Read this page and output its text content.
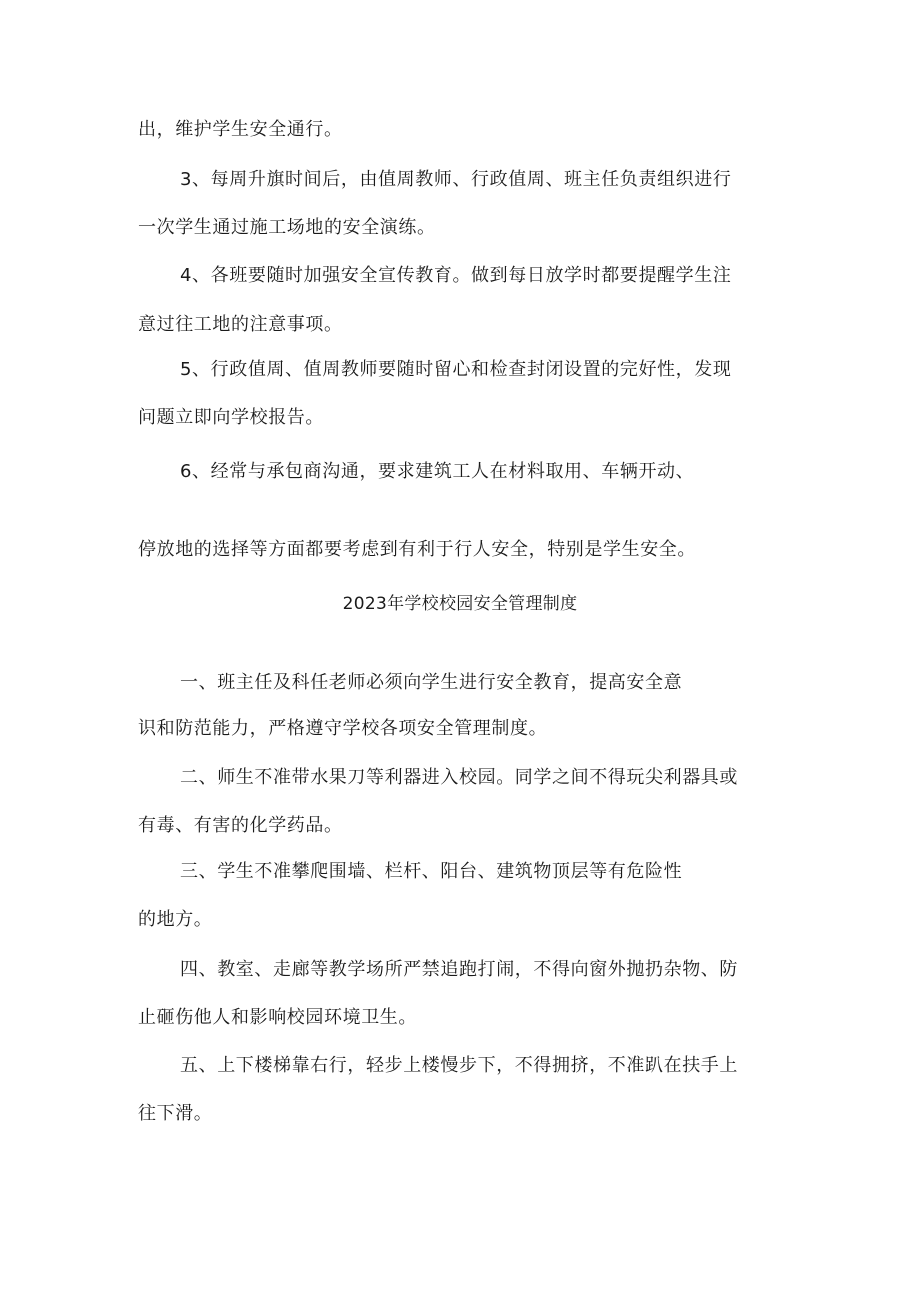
出，维护学生安全通行。
3、每周升旗时间后，由值周教师、行政值周、班主任负责组织进行
一次学生通过施工场地的安全演练。
4、各班要随时加强安全宣传教育。做到每日放学时都要提醒学生注
意过往工地的注意事项。
5、行政值周、值周教师要随时留心和检查封闭设置的完好性，发现
问题立即向学校报告。
6、经常与承包商沟通，要求建筑工人在材料取用、车辆开动、
停放地的选择等方面都要考虑到有利于行人安全，特别是学生安全。
2023年学校校园安全管理制度
一、班主任及科任老师必须向学生进行安全教育，提高安全意
识和防范能力，严格遵守学校各项安全管理制度。
二、师生不准带水果刀等利器进入校园。同学之间不得玩尖利器具或
有毒、有害的化学药品。
三、学生不准攀爬围墙、栏杆、阳台、建筑物顶层等有危险性
的地方。
四、教室、走廊等教学场所严禁追跑打闹，不得向窗外抛扔杂物、防
止砸伤他人和影响校园环境卫生。
五、上下楼梯靠右行，轻步上楼慢步下，不得拥挤，不准趴在扶手上
往下滑。
